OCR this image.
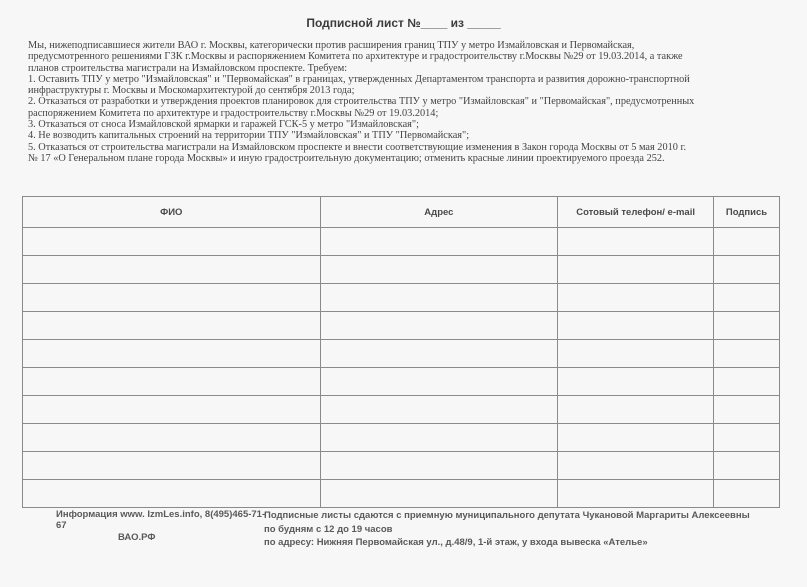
Подписной лист №____ из _____

Мы, нижеподписавшиеся жители ВАО г. Москвы, категорически против расширения границ ТПУ у метро Измайловская и Первомайская,

предусмотренного решениями ГЗК г.Москвы и распоряжением Комитета по архитектуре и градостроительству г.Москвы №29 от 19.03.2014, а также

планов строительства магистрали на Измайловском проспекте. Требуем:

1. Оставить ТПУ у метро "Измайловская" и "Первомайская" в границах, утвержденных Департаментом транспорта и развития дорожно-транспортной

инфраструктуры г. Москвы и Москомархитектурой до сентября 2013 года;

2. Отказаться от разработки и утверждения проектов планировок для строительства ТПУ у метро "Измайловская" и "Первомайская", предусмотренных

распоряжением Комитета по архитектуре и градостроительству г.Москвы №29 от 19.03.2014;

3. Отказаться от сноса Измайловской ярмарки и гаражей ГСК-5 у метро "Измайловская";

4. Не возводить капитальных строений на территории ТПУ "Измайловская" и ТПУ "Первомайская";

5. Отказаться от строительства магистрали на Измайловском проспекте и внести соответствующие изменения в Закон города Москвы от 5 мая 2010 г.

№ 17 «О Генеральном плане города Москвы» и иную градостроительную документацию; отменить красные линии проектируемого проезда 252.

ФИО	Адрес	Сотовый телефон/ e-mail	Подпись

Информация www. IzmLes.info, 8(495)465-71-67
ВАО.РФ
Подписные листы сдаются с приемную муниципального депутата Чукановой Маргариты Алексеевны
по будням с 12 до 19 часов
по адресу: Нижняя Первомайская ул., д.48/9, 1-й этаж, у входа вывеска «Ателье»
